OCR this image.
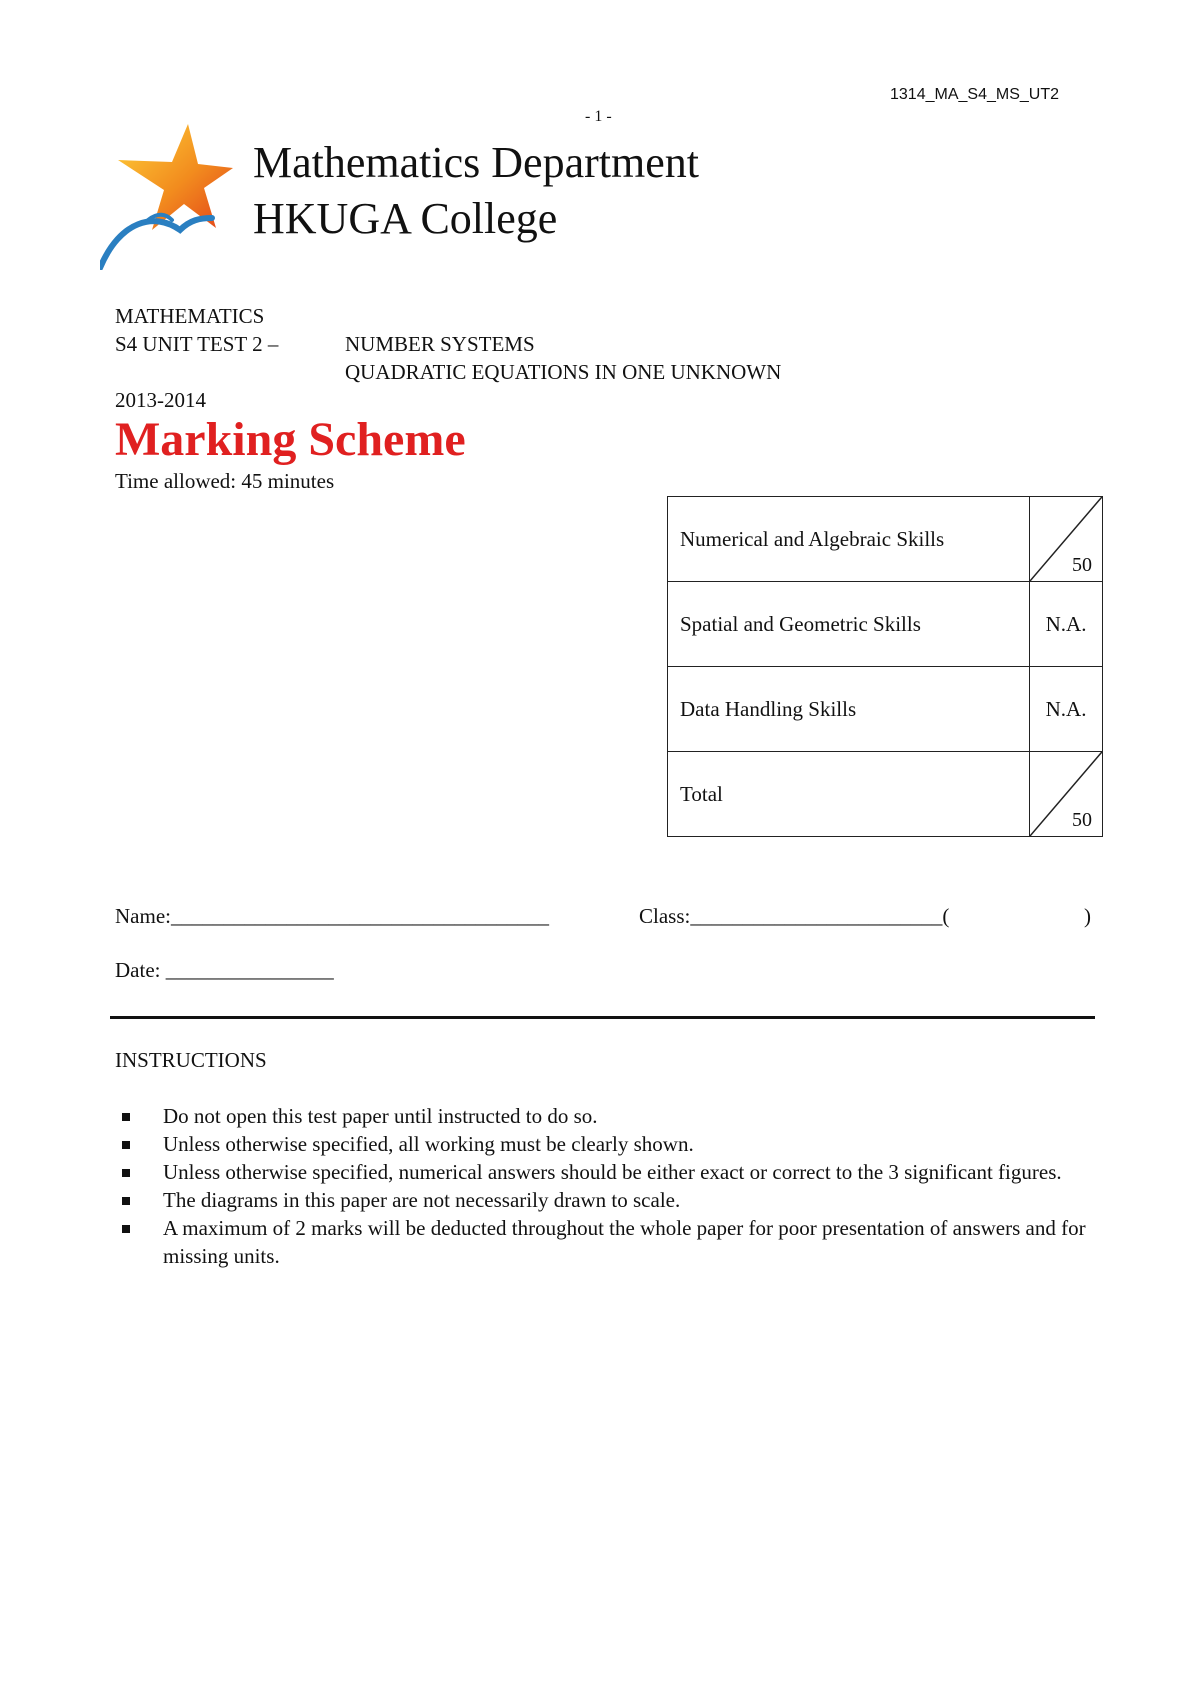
1314_MA_S4_MS_UT2
- 1 -
Mathematics Department
HKUGA College
MATHEMATICS
S4 UNIT TEST 2 –	NUMBER SYSTEMS
QUADRATIC EQUATIONS IN ONE UNKNOWN
2013-2014
Marking Scheme
Time allowed: 45 minutes
Numerical and Algebraic Skills	50

Spatial and Geometric Skills	N.A.
Data Handling Skills	N.A.
Total	50
Name:____________________________________	Class:________________________(	)
Date: ________________
INSTRUCTIONS
Do not open this test paper until instructed to do so.
Unless otherwise specified, all working must be clearly shown.
Unless otherwise specified, numerical answers should be either exact or correct to the 3 significant figures.
The diagrams in this paper are not necessarily drawn to scale.
A maximum of 2 marks will be deducted throughout the whole paper for poor presentation of answers and for missing units.
